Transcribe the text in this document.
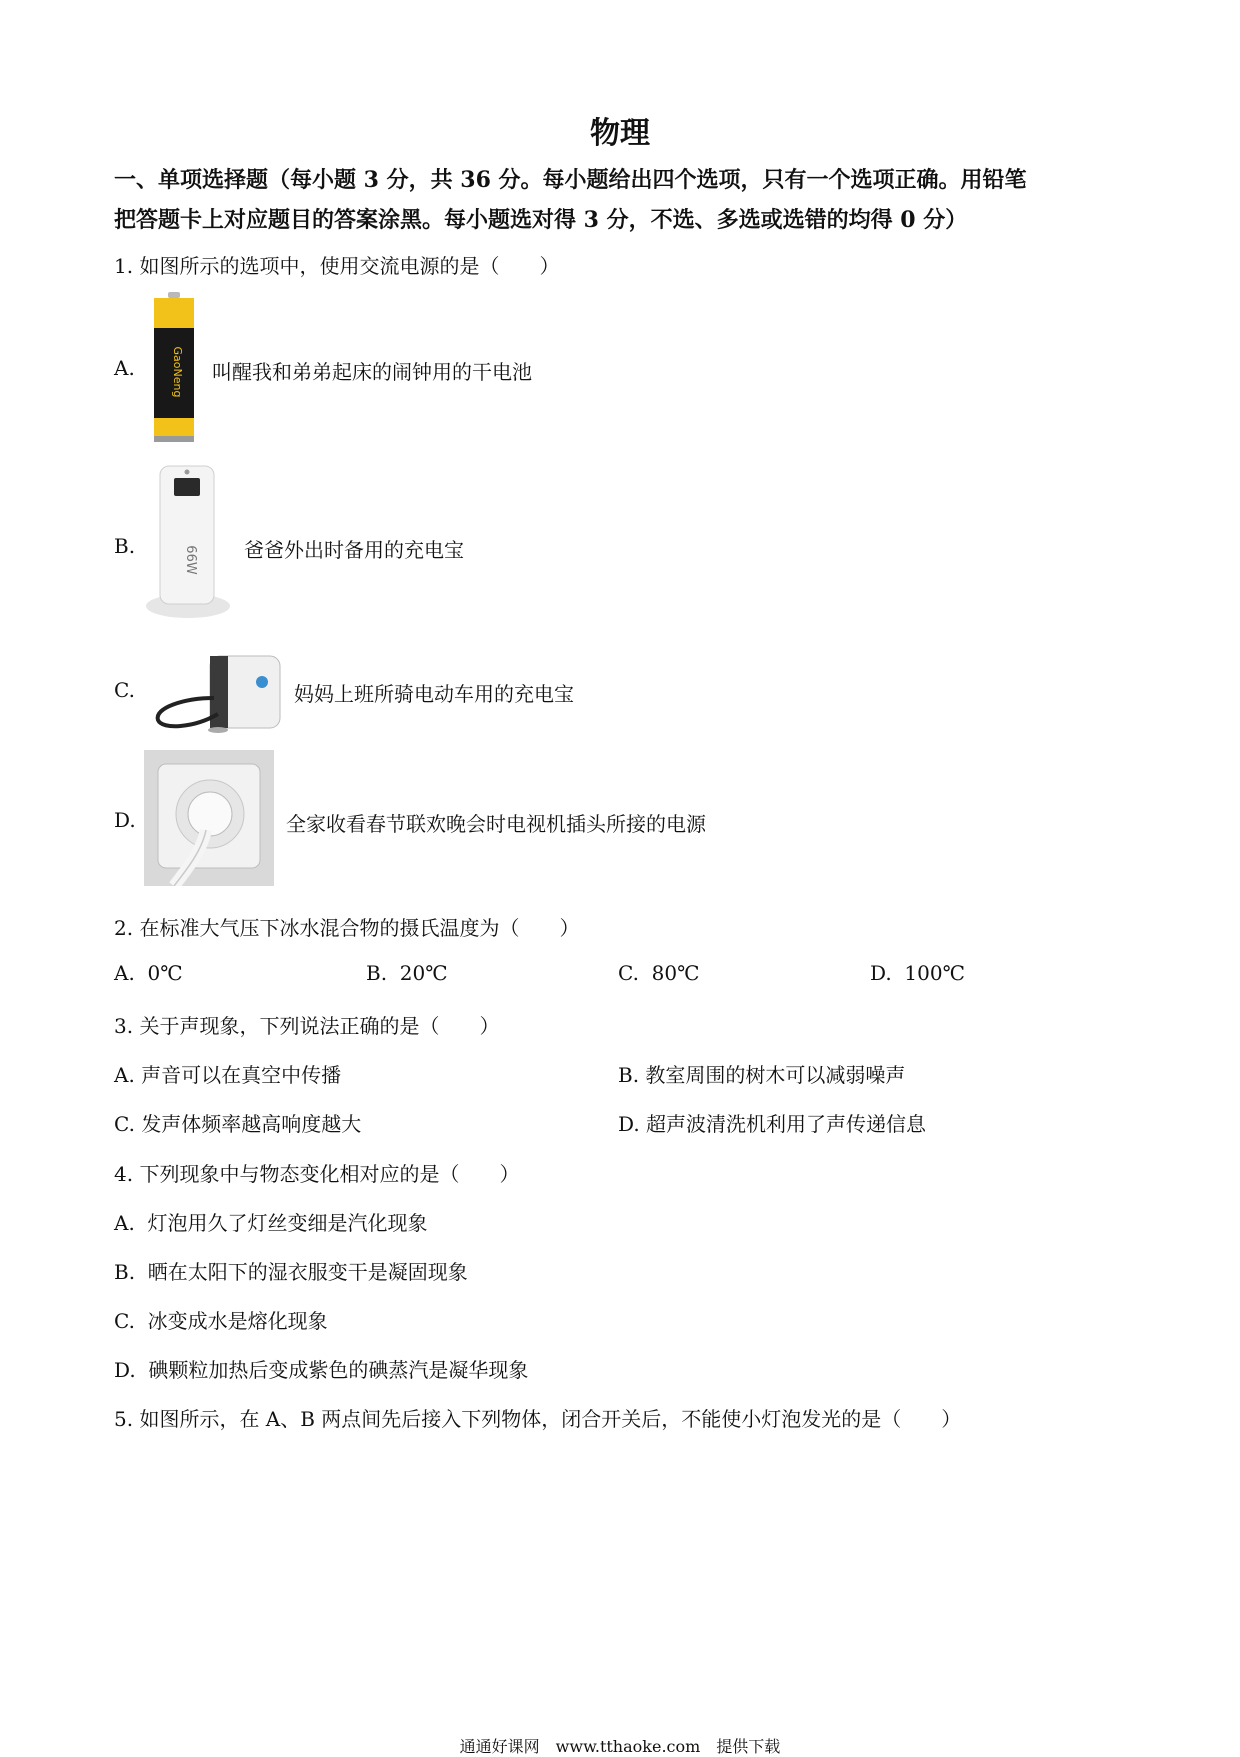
物理
一、单项选择题（每小题 3 分，共 36 分。每小题给出四个选项，只有一个选项正确。用铅笔
把答题卡上对应题目的答案涂黑。每小题选对得 3 分，不选、多选或选错的均得 0 分）
1. 如图所示的选项中，使用交流电源的是（　　）
A.	GaoNeng 叫醒我和弟弟起床的闹钟用的干电池
B.	66W 爸爸外出时备用的充电宝
C.	妈妈上班所骑电动车用的充电宝
D.	全家收看春节联欢晚会时电视机插头所接的电源
2. 在标准大气压下冰水混合物的摄氏温度为（　　）
A. 0℃	B. 20℃	C. 80℃	D. 100℃
3. 关于声现象，下列说法正确的是（　　）
A. 声音可以在真空中传播	B. 教室周围的树木可以减弱噪声
C. 发声体频率越高响度越大	D. 超声波清洗机利用了声传递信息
4. 下列现象中与物态变化相对应的是（　　）
A. 灯泡用久了灯丝变细是汽化现象
B. 晒在太阳下的湿衣服变干是凝固现象
C. 冰变成水是熔化现象
D. 碘颗粒加热后变成紫色的碘蒸汽是凝华现象
5. 如图所示，在 A、B 两点间先后接入下列物体，闭合开关后，不能使小灯泡发光的是（　　）
通通好课网　www.tthaoke.com　提供下载
